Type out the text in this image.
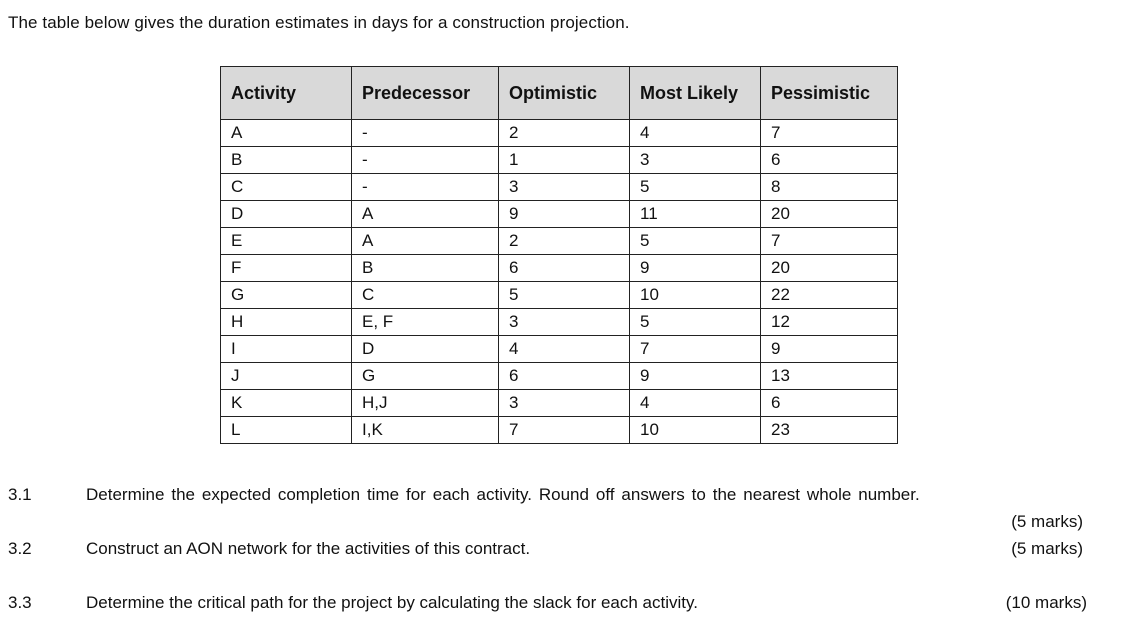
The table below gives the duration estimates in days for a construction projection.
Activity	Predecessor	Optimistic	Most Likely	Pessimistic
A	-	2	4	7
B	-	1	3	6
C	-	3	5	8
D	A	9	11	20
E	A	2	5	7
F	B	6	9	20
G	C	5	10	22
H	E, F	3	5	12
I	D	4	7	9
J	G	6	9	13
K	H,J	3	4	6
L	I,K	7	10	23
3.1	Determine the expected completion time for each activity. Round off answers to the nearest whole number.
(5 marks)
3.2	Construct an AON network for the activities of this contract.	(5 marks)
3.3	Determine the critical path for the project by calculating the slack for each activity.	(10 marks)
